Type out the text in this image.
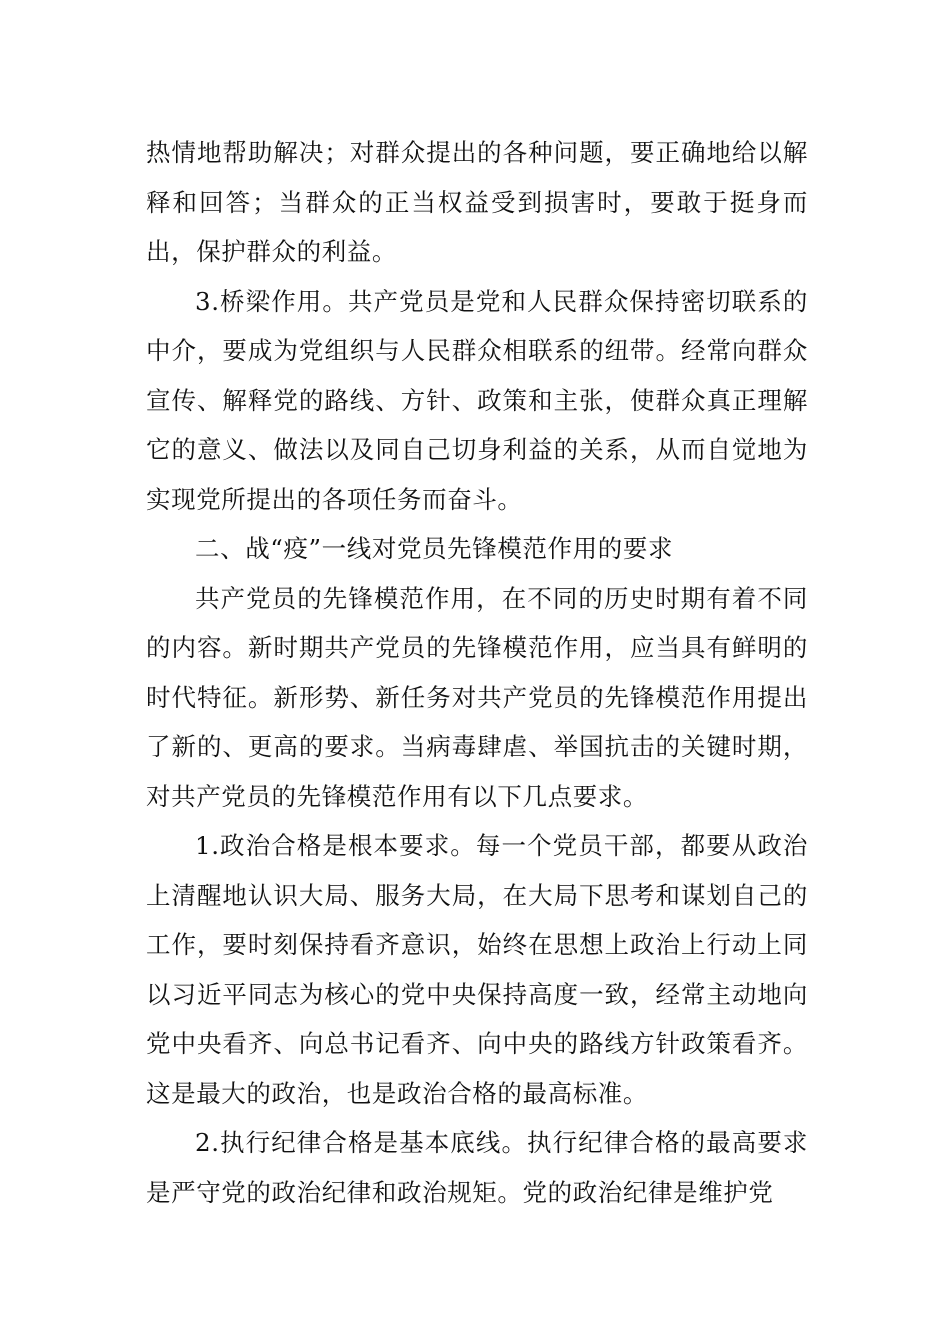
热情地帮助解决；对群众提出的各种问题，要正确地给以解释和回答；当群众的正当权益受到损害时，要敢于挺身而出，保护群众的利益。

3.桥梁作用。共产党员是党和人民群众保持密切联系的中介，要成为党组织与人民群众相联系的纽带。经常向群众宣传、解释党的路线、方针、政策和主张，使群众真正理解它的意义、做法以及同自己切身利益的关系，从而自觉地为实现党所提出的各项任务而奋斗。

二、战“疫”一线对党员先锋模范作用的要求

共产党员的先锋模范作用，在不同的历史时期有着不同的内容。新时期共产党员的先锋模范作用，应当具有鲜明的时代特征。新形势、新任务对共产党员的先锋模范作用提出了新的、更高的要求。当病毒肆虐、举国抗击的关键时期，对共产党员的先锋模范作用有以下几点要求。

1.政治合格是根本要求。每一个党员干部，都要从政治上清醒地认识大局、服务大局，在大局下思考和谋划自己的工作，要时刻保持看齐意识，始终在思想上政治上行动上同以习近平同志为核心的党中央保持高度一致，经常主动地向党中央看齐、向总书记看齐、向中央的路线方针政策看齐。这是最大的政治，也是政治合格的最高标准。

2.执行纪律合格是基本底线。执行纪律合格的最高要求是严守党的政治纪律和政治规矩。党的政治纪律是维护党
